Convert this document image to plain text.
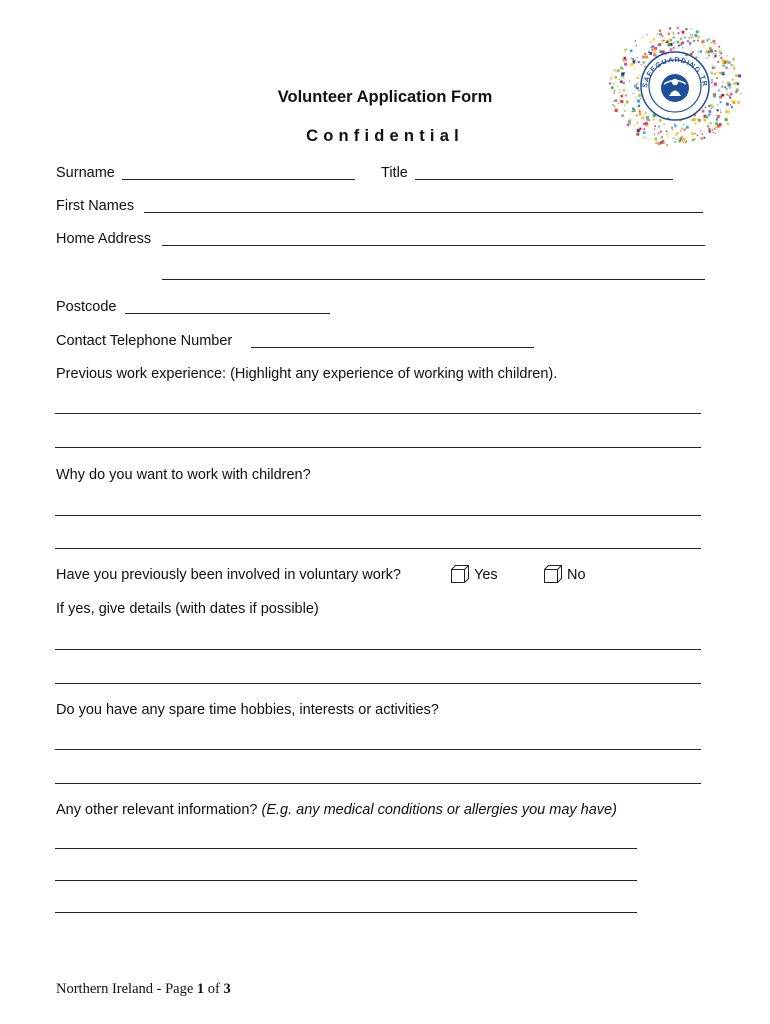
SAFEGUARDING TR
Volunteer Application Form
Confidential
Surname	Title
First Names
Home Address
Postcode
Contact Telephone Number
Previous work experience: (Highlight any experience of working with children).
Why do you want to work with children?
Have you previously been involved in voluntary work?	Yes	No
If yes, give details (with dates if possible)
Do you have any spare time hobbies, interests or activities?
Any other relevant information? (E.g. any medical conditions or allergies you may have)
Northern Ireland - Page 1 of 3
